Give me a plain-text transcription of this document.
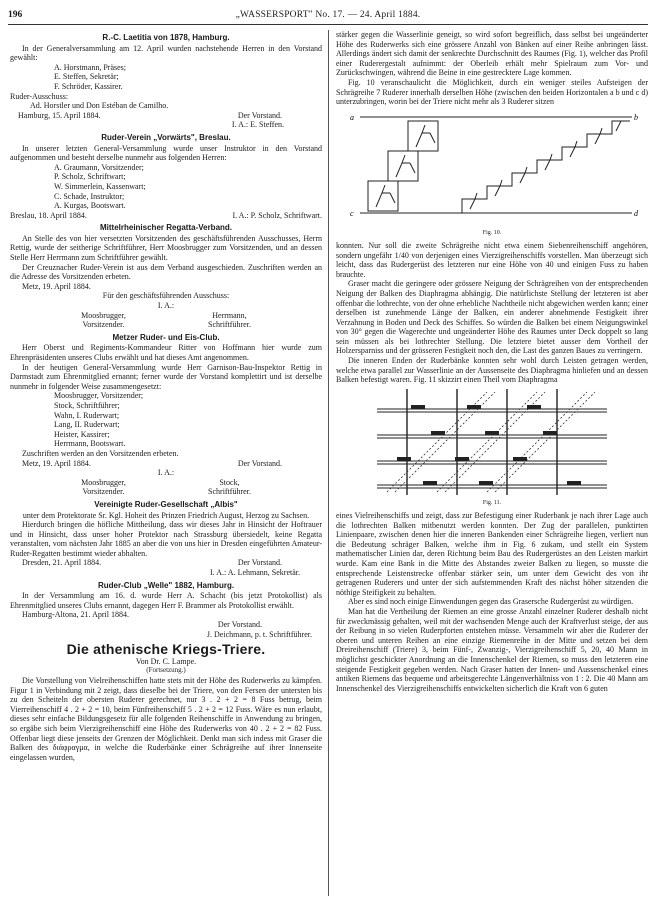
196	„WASSERSPORT" No. 17. — 24. April 1884.
R.-C. Laetitia von 1878, Hamburg.

In der Generalversammlung am 12. April wurden nachstehende Herren in den Vorstand gewählt:

A. Horstmann, Präses;

E. Steffen, Sekretär;

F. Schröder, Kassirer.

Ruder-Ausschuss:

Ad. Horstler und Don Estéban de Camilho.

Hamburg, 15. April 1884.	Der Vorstand.

I. A.: E. Steffen.

Ruder-Verein „Vorwärts", Breslau.

In unserer letzten General-Versammlung wurde unser Instruktor in den Vorstand aufgenommen und besteht derselbe nunmehr aus folgenden Herren:

A. Graumann, Vorsitzender;

P. Scholz, Schriftwart;

W. Simmerlein, Kassenwart;

C. Schade, Instruktor;

A. Kurgas, Bootswart.

Breslau, 18. April 1884.	I. A.: P. Scholz, Schriftwart.
Mittelrheinischer Regatta-Verband.

An Stelle des von hier versetzten Vorsitzenden des geschäftsführenden Ausschusses, Herrn Rettig, wurde der seitherige Schriftführer, Herr Moosbrugger zum Vorsitzenden, und an dessen Stelle Herr Herrmann zum Schriftführer gewählt.

Der Creuznacher Ruder-Verein ist aus dem Verband ausgeschieden. Zuschriften werden an die Adresse des Vorsitzenden erbeten.

Metz, 19. April 1884.

Für den geschäftsführenden Ausschuss:

I. A.:

Moosbrugger,
Vorsitzender.
Herrmann,
Schriftführer.
Metzer Ruder- und Eis-Club.

Herr Oberst und Regiments-Kommandeur Ritter von Hoffmann hier wurde zum Ehrenpräsidenten unseres Clubs erwählt und hat dieses Amt angenommen.

In der heutigen General-Versammlung wurde Herr Garnison-Bau-Inspektor Rettig in Darmstadt zum Ehrenmitglied ernannt; ferner wurde der Vorstand komplettirt und ist derselbe nunmehr in folgender Weise zusammengesetzt:

Moosbrugger, Vorsitzender;

Stock, Schriftführer;

Wahn, I. Ruderwart;

Lang, II. Ruderwart;

Heister, Kassirer;

Herrmann, Bootswart.

Zuschriften werden an den Vorsitzenden erbeten.

Metz, 19. April 1884.	Der Vorstand.

I. A.:

Moosbrugger,
Vorsitzender.
Stock,
Schriftführer.
Vereinigte Ruder-Gesellschaft „Albis"

unter dem Protektorate Sr. Kgl. Hoheit des Prinzen Friedrich August, Herzog zu Sachsen.

Hierdurch bringen die höfliche Mittheilung, dass wir dieses Jahr in Hinsicht der Hoftrauer und in Hinsicht, dass unser hoher Protektor nach Strassburg übersiedelt, keine Regatta veranstalten, vom nächsten Jahr 1885 an aber die von uns hier in Dresden eingeführten Amateur-Ruder-Regatten bestimmt wieder abhalten.

Dresden, 21. April 1884.	Der Vorstand.

I. A.: A. Lehmann, Sekretär.

Ruder-Club „Welle" 1882, Hamburg.

In der Versammlung am 16. d. wurde Herr A. Schacht (bis jetzt Protokollist) als Ehrenmitglied unseres Clubs ernannt, dagegen Herr F. Brammer als Protokollist erwählt.

Hamburg-Altona, 21. April 1884.

Der Vorstand.

J. Deichmann, p. t. Schriftführer.

Die athenische Kriegs-Triere.

Von Dr. C. Lampe.

(Fortsetzung.)

Die Vorstellung von Vielreihenschiffen hatte stets mit der Höhe des Ruderwerks zu kämpfen. Figur 1 in Verbindung mit 2 zeigt, dass dieselbe bei der Triere, von den Fersen der untersten bis zu den Scheiteln der obersten Ruderer gerechnet, nur 3 . 2 + 2 = 8 Fuss betrug, beim Vierreihenschiff 4 . 2 + 2 = 10, beim Fünfreihenschiff 5 . 2 + 2 = 12 Fuss. Wäre es nun erlaubt, dieses sehr einfache Bildungsgesetz für alle folgenden Reihenschiffe in Anwendung zu bringen, so ergäbe sich beim Vierzigreihenschiff eine Höhe des Ruderwerks von 40 . 2 + 2 = 82 Fuss. Offenbar liegt diese jenseits der Grenzen der Möglichkeit. Denkt man sich indess mit Graser die Balken des διάφραγμα, in welche die Ruderbänke einer Schrägreihe auf ihrer Innenseite eingelassen wurden,

stärker gegen die Wasserlinie geneigt, so wird sofort begreiflich, dass selbst bei ungeänderter Höhe des Ruderwerks sich eine grössere Anzahl von Bänken auf einer Reihe anbringen lässt. Allerdings ändert sich damit der senkrechte Durchschnitt des Raumes (Fig. 1), welcher das Profil einer Ruderergestalt aufnimmt: der Oberleib erhält mehr Spielraum zum Vor- und Zurückschwingen, während die Beine in eine gestrecktere Lage kommen.

Fig. 10 veranschaulicht die Möglichkeit, durch ein weniger steiles Aufsteigen der Schrägreihe 7 Ruderer innerhalb derselben Höhe (zwischen den beiden Horizontalen a b und c d) unterzubringen, worin bei der Triere nicht mehr als 3 Ruderer sitzen

a	b
c	d

Fig. 10.

konnten. Nur soll die zweite Schrägreihe nicht etwa einem Siebenreihenschiff angehören, sondern ungefähr 1/40 von derjenigen eines Vierzigreihenschiffs vorstellen. Man überzeugt sich leicht, dass das Rudergerüst des letzteren nur eine Höhe von 40 und einigen Fuss zu haben brauchte.

Graser macht die geringere oder grössere Neigung der Schrägreihen von der entsprechenden Neigung der Balken des Diaphragma abhängig. Die natürlichste Stellung der letzteren ist aber offenbar die lothrechte, von der ohne erhebliche Nachtheile nicht abgewichen werden kann; einer derselben ist zunehmende Länge der Balken, ein anderer abnehmende Festigkeit ihrer Verzahnung in Boden und Deck des Schiffes. So würden die Balken bei einem Neigungswinkel von 30° gegen die Wagerechte und ungeänderter Höhe des Raumes unter Deck doppelt so lang sein müssen als bei lothrechter Stellung. Die letztere bietet ausser dem Vortheil der Holzersparniss und der grösseren Festigkeit noch den, die Last des ganzen Baues zu verringern.

Die inneren Enden der Ruderbänke konnten sehr wohl durch Leisten getragen werden, welche etwa parallel zur Wasserlinie an der Aussenseite des Diaphragma hinliefen und an dessen Balken befestigt waren. Fig. 11 skizzirt einen Theil vom Diaphragma

Fig. 11.

eines Vielreihenschiffs und zeigt, dass zur Befestigung einer Ruderbank je nach ihrer Lage auch die lothrechten Balken mitbenutzt werden konnten. Der Zug der parallelen, punktirten Linienpaare, zwischen denen hier die inneren Bankenden einer Schrägreihe liegen, verliert nun die Bedeutung schräger Balken, welche ihm in Fig. 6 zukam, und stellt ein System mathematischer Linien dar, deren Richtung beim Bau des Rudergerüstes an den Leisten markirt wurde. Kam eine Bank in die Mitte des Abstandes zweier Balken zu liegen, so musste die entsprechende Leistenstrecke offenbar stärker sein, um unter dem Gewicht des von ihr getragenen Ruderers und unter der sich aufstemmenden Kraft des nächst höher sitzenden die nöthige Steifigkeit zu behalten.

Aber es sind noch einige Einwendungen gegen das Grasersche Rudergerüst zu würdigen.

Man hat die Vertheilung der Riemen an eine grosse Anzahl einzelner Ruderer deshalb nicht für zweckmässig gehalten, weil mit der wachsenden Menge auch der Kraftverlust steige, der aus der Reibung in so vielen Ruderpforten entstehen müsse. Versammeln wir aber die Ruderer der oberen und unteren Reihen an eine einzige Riemenreihe in der Mitte und setzen bei dem Dreireihenschiff (Triere) 3, beim Fünf-, Zwanzig-, Vierzigreihenschiff 5, 20, 40 Mann in möglichst geschickter Anordnung an die Innenschenkel der Riemen, so muss den letzteren eine steigende Festigkeit gegeben werden. Nach Graser hatten der Innen- und Aussenschenkel eines antiken Riemens das bequeme und arbeitsgerechte Längenverhältniss von 1 : 2. Die 40 Mann am Innenschenkel des Vierzigreihenschiffs entwickelten sicherlich die Kraft von 6 guten
